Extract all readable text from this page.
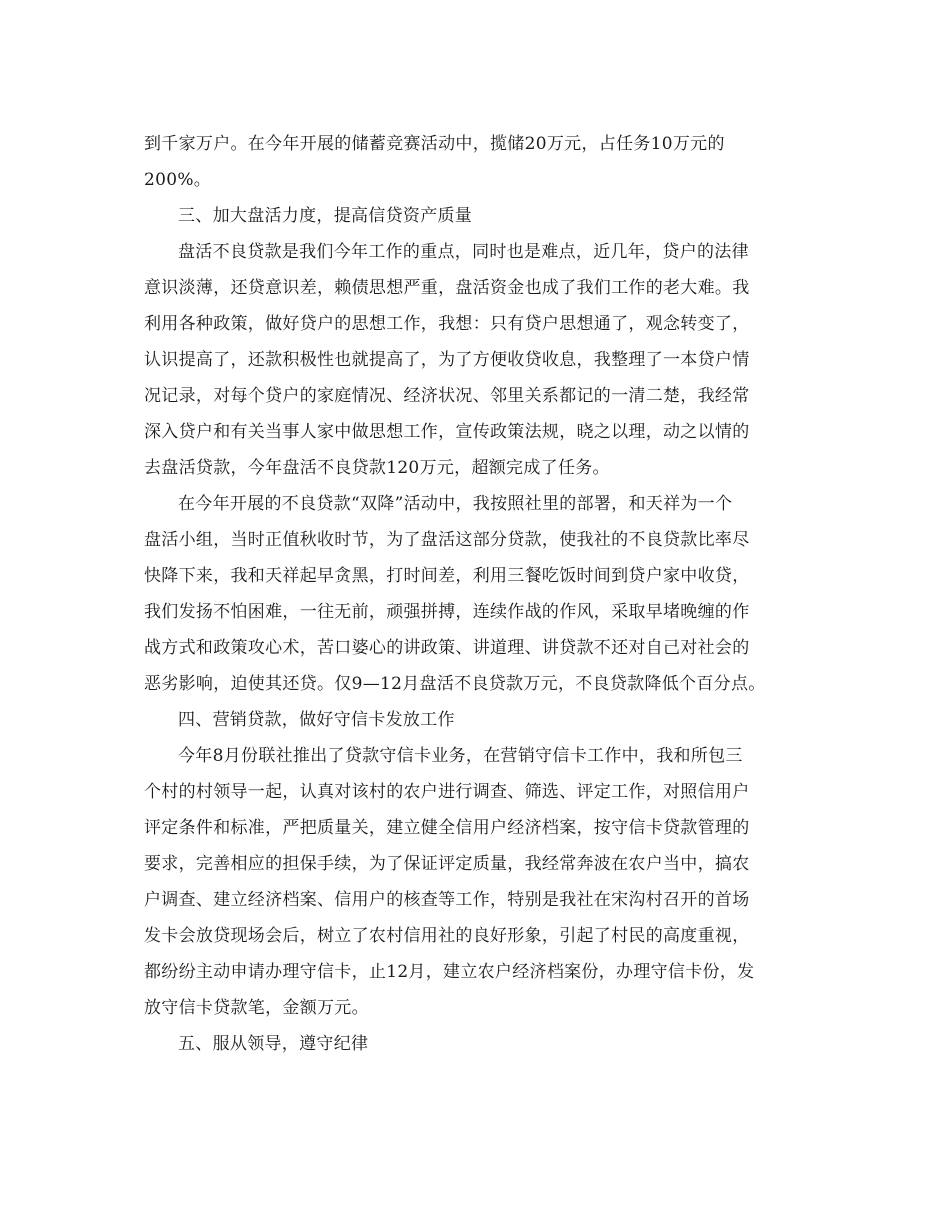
到千家万户。在今年开展的储蓄竞赛活动中，揽储20万元，占任务10万元的
200%。
三、加大盘活力度，提高信贷资产质量
盘活不良贷款是我们今年工作的重点，同时也是难点，近几年，贷户的法律
意识淡薄，还贷意识差，赖债思想严重，盘活资金也成了我们工作的老大难。我
利用各种政策，做好贷户的思想工作，我想：只有贷户思想通了，观念转变了，
认识提高了，还款积极性也就提高了，为了方便收贷收息，我整理了一本贷户情
况记录，对每个贷户的家庭情况、经济状况、邻里关系都记的一清二楚，我经常
深入贷户和有关当事人家中做思想工作，宣传政策法规，晓之以理，动之以情的
去盘活贷款，今年盘活不良贷款120万元，超额完成了任务。
在今年开展的不良贷款“双降”活动中，我按照社里的部署，和天祥为一个
盘活小组，当时正值秋收时节，为了盘活这部分贷款，使我社的不良贷款比率尽
快降下来，我和天祥起早贪黑，打时间差，利用三餐吃饭时间到贷户家中收贷，
我们发扬不怕困难，一往无前，顽强拼搏，连续作战的作风，采取早堵晚缠的作
战方式和政策攻心术，苦口婆心的讲政策、讲道理、讲贷款不还对自己对社会的
恶劣影响，迫使其还贷。仅9—12月盘活不良贷款万元，不良贷款降低个百分点。
四、营销贷款，做好守信卡发放工作
今年8月份联社推出了贷款守信卡业务，在营销守信卡工作中，我和所包三
个村的村领导一起，认真对该村的农户进行调查、筛选、评定工作，对照信用户
评定条件和标准，严把质量关，建立健全信用户经济档案，按守信卡贷款管理的
要求，完善相应的担保手续，为了保证评定质量，我经常奔波在农户当中，搞农
户调查、建立经济档案、信用户的核查等工作，特别是我社在宋沟村召开的首场
发卡会放贷现场会后，树立了农村信用社的良好形象，引起了村民的高度重视，
都纷纷主动申请办理守信卡，止12月，建立农户经济档案份，办理守信卡份，发
放守信卡贷款笔，金额万元。
五、服从领导，遵守纪律
